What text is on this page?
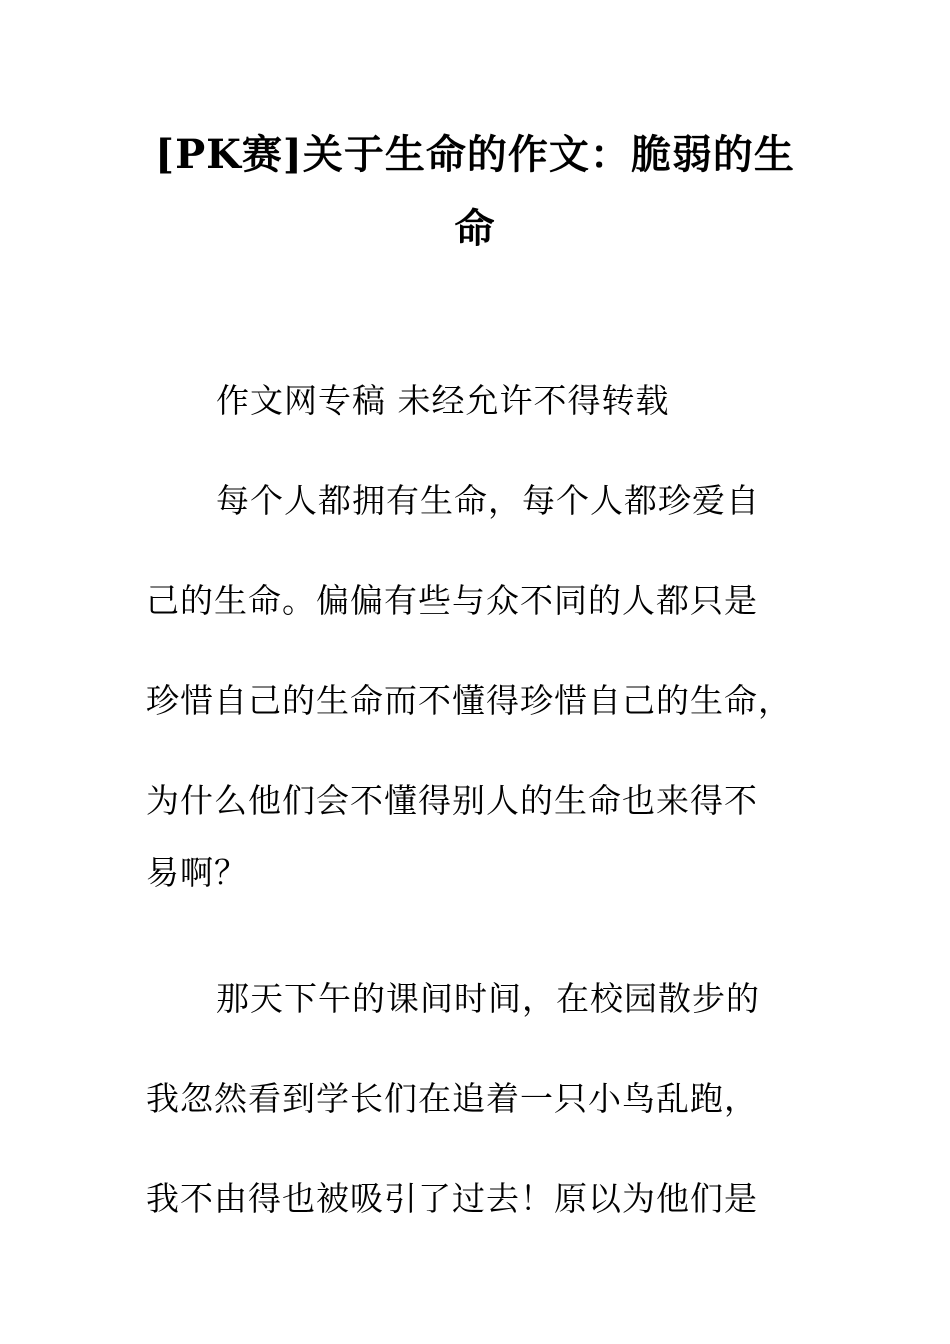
[PK赛]关于生命的作文：脆弱的生
命
作文网专稿 未经允许不得转载
每个人都拥有生命，每个人都珍爱自
己的生命。偏偏有些与众不同的人都只是
珍惜自己的生命而不懂得珍惜自己的生命，
为什么他们会不懂得别人的生命也来得不
易啊？
那天下午的课间时间，在校园散步的
我忽然看到学长们在追着一只小鸟乱跑，
我不由得也被吸引了过去！原以为他们是
